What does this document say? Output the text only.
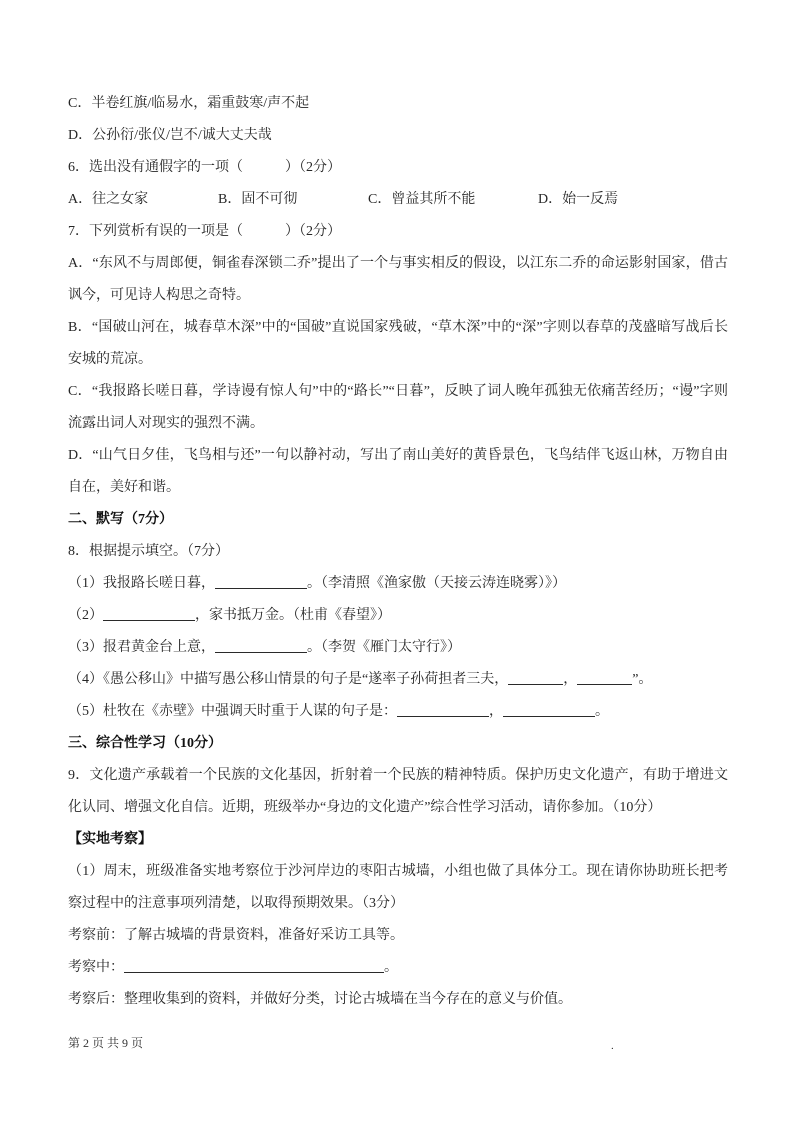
C．半卷红旗/临易水，霜重鼓寒/声不起

D．公孙衍/张仪/岂不/诚大丈夫哉

6．选出没有通假字的一项（　　　）（2分）

A．往之女家	B．固不可彻	C．曾益其所不能	D．始一反焉

7．下列赏析有误的一项是（　　　）（2分）

A．“东风不与周郎便，铜雀春深锁二乔”提出了一个与事实相反的假设，以江东二乔的命运影射国家，借古讽今，可见诗人构思之奇特。

B．“国破山河在，城春草木深”中的“国破”直说国家残破，“草木深”中的“深”字则以春草的茂盛暗写战后长安城的荒凉。

C．“我报路长嗟日暮，学诗谩有惊人句”中的“路长”“日暮”，反映了词人晚年孤独无依痛苦经历；“谩”字则流露出词人对现实的强烈不满。

D．“山气日夕佳，飞鸟相与还”一句以静衬动，写出了南山美好的黄昏景色，飞鸟结伴飞返山林，万物自由自在，美好和谐。

二、默写（7分）

8．根据提示填空。（7分）

（1）我报路长嗟日暮，	。（李清照《渔家傲（天接云涛连晓雾）》）

（2）	，家书抵万金。（杜甫《春望》）

（3）报君黄金台上意，	。（李贺《雁门太守行》）

（4）《愚公移山》中描写愚公移山情景的句子是“遂率子孙荷担者三夫，	，	”。

（5）杜牧在《赤壁》中强调天时重于人谋的句子是：	，	。

三、综合性学习（10分）

9．文化遗产承载着一个民族的文化基因，折射着一个民族的精神特质。保护历史文化遗产，有助于增进文化认同、增强文化自信。近期，班级举办“身边的文化遗产”综合性学习活动，请你参加。（10分）

【实地考察】

（1）周末，班级准备实地考察位于沙河岸边的枣阳古城墙，小组也做了具体分工。现在请你协助班长把考察过程中的注意事项列清楚，以取得预期效果。（3分）

考察前：了解古城墙的背景资料，准备好采访工具等。

考察中：	。

考察后：整理收集到的资料，并做好分类，讨论古城墙在当今存在的意义与价值。

第 2 页 共 9 页	.
